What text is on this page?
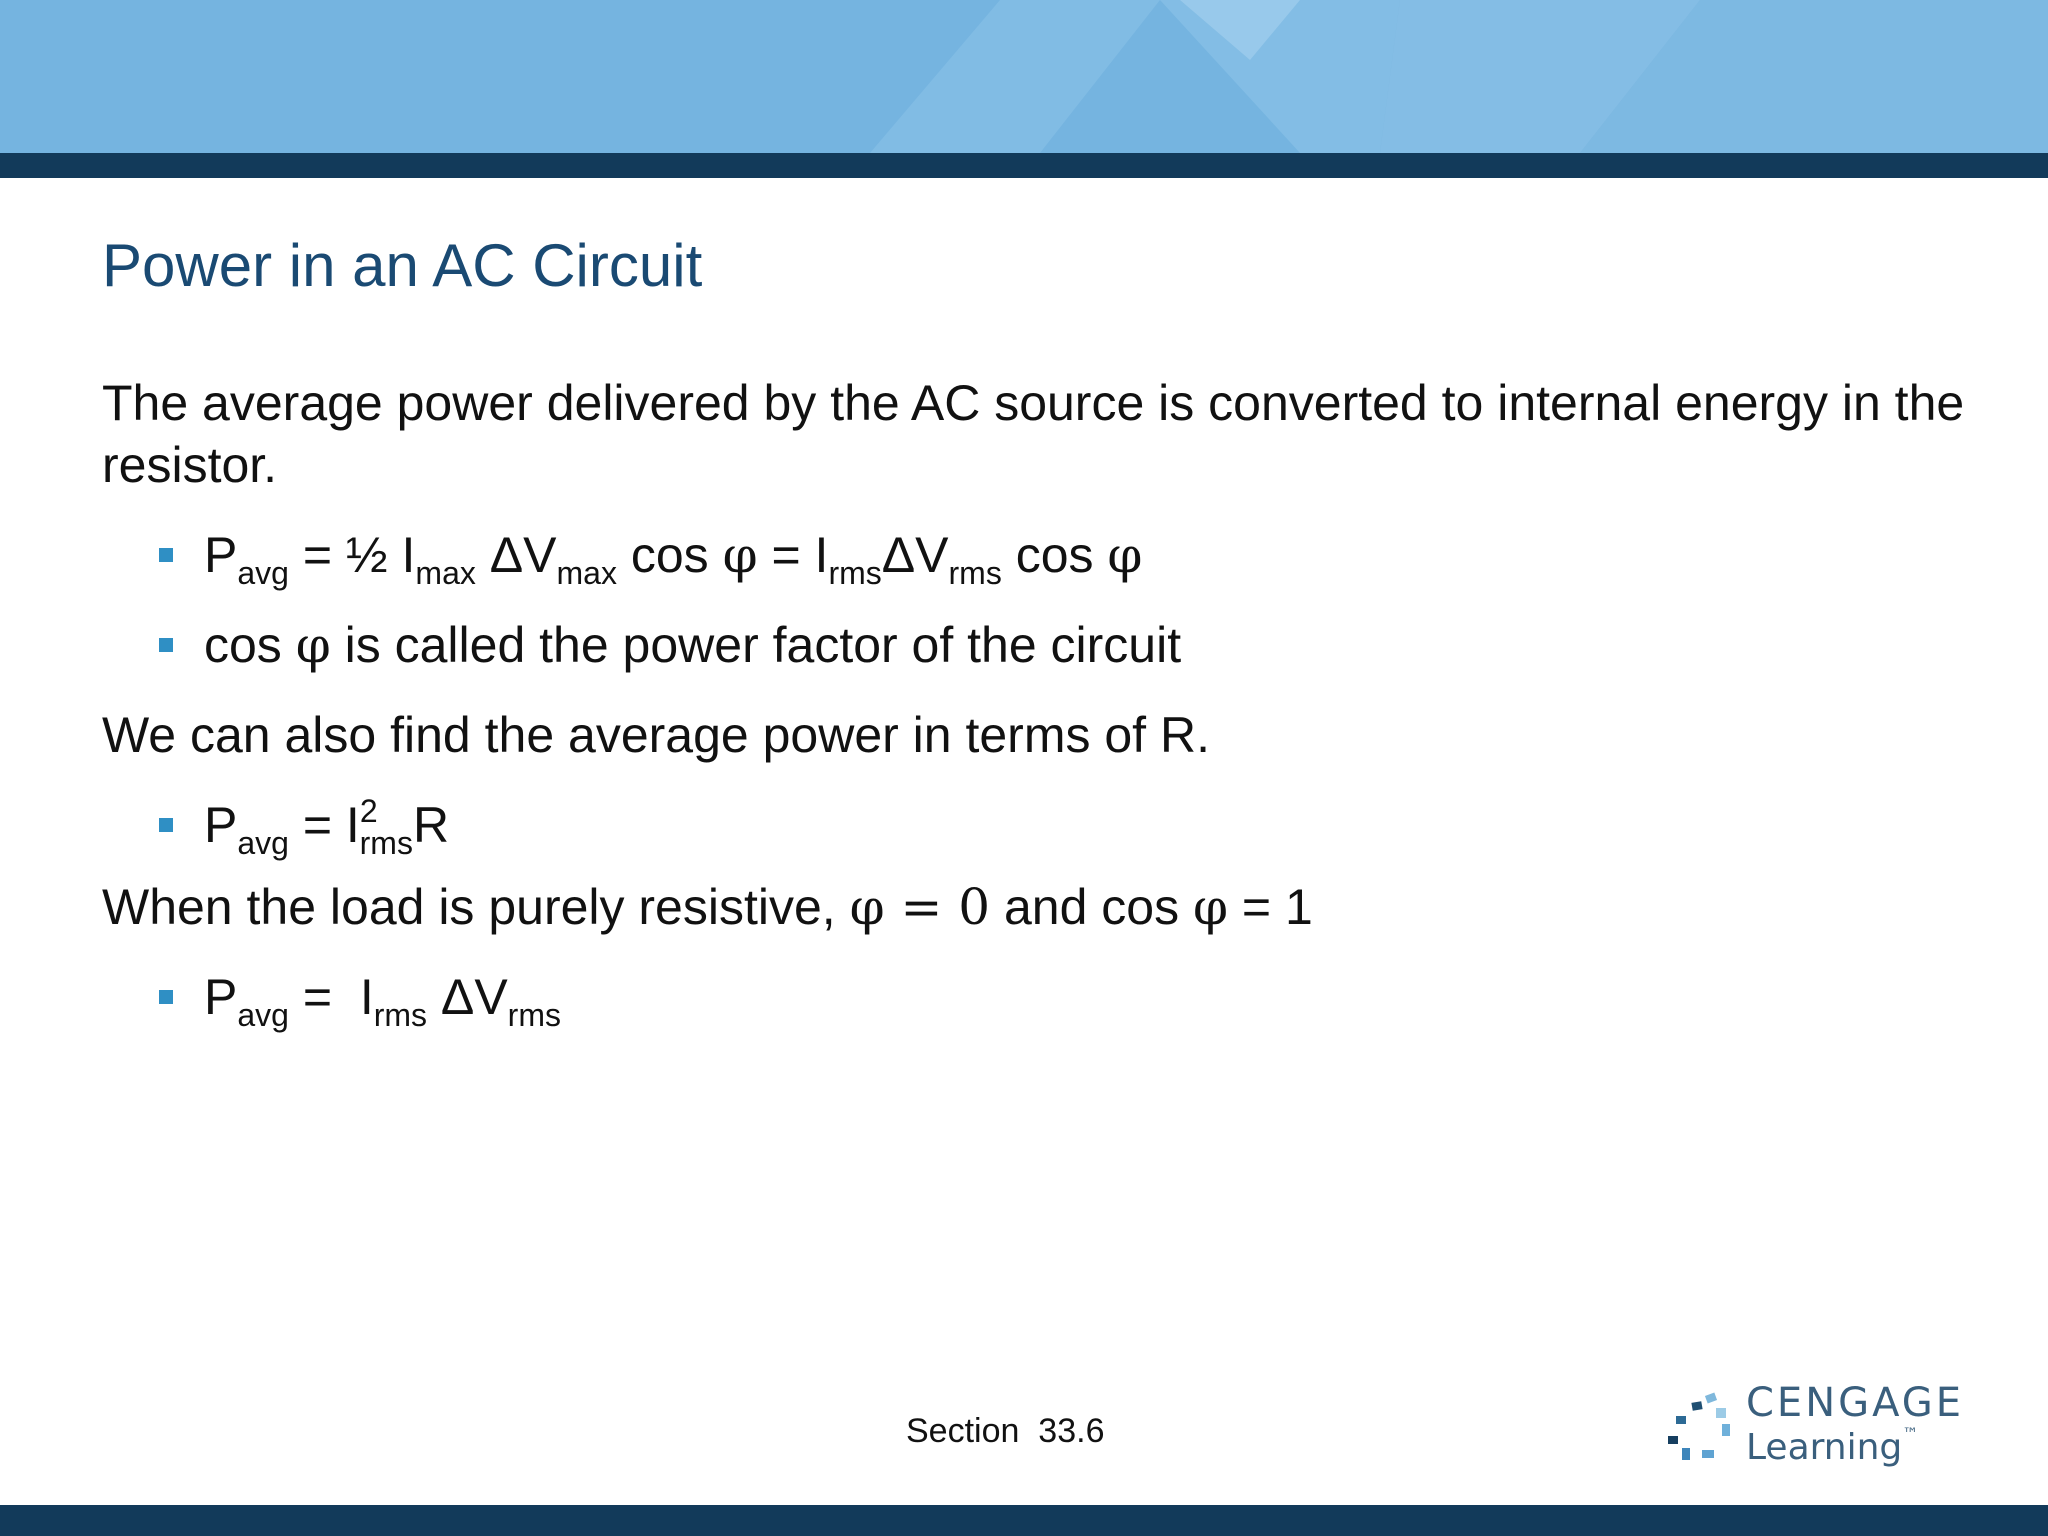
Power in an AC Circuit

The average power delivered by the AC source is converted to internal energy in the resistor.

$P_{avg}$ = ½ $I_{max}$ $\Delta V_{max}$ $\cos \varphi = I_{rms}\Delta V_{rms}$ cos φ
cos φ is called the power factor of the circuit

We can also find the average power in terms of R.

$P_{avg} = I^2_{rms}R$

When the load is purely resistive, φ = 0 and cos φ = 1

$P_{avg} = I_{rms}$ $\Delta V_{rms}$
Section  33.6
CENGAGE
Learning™
